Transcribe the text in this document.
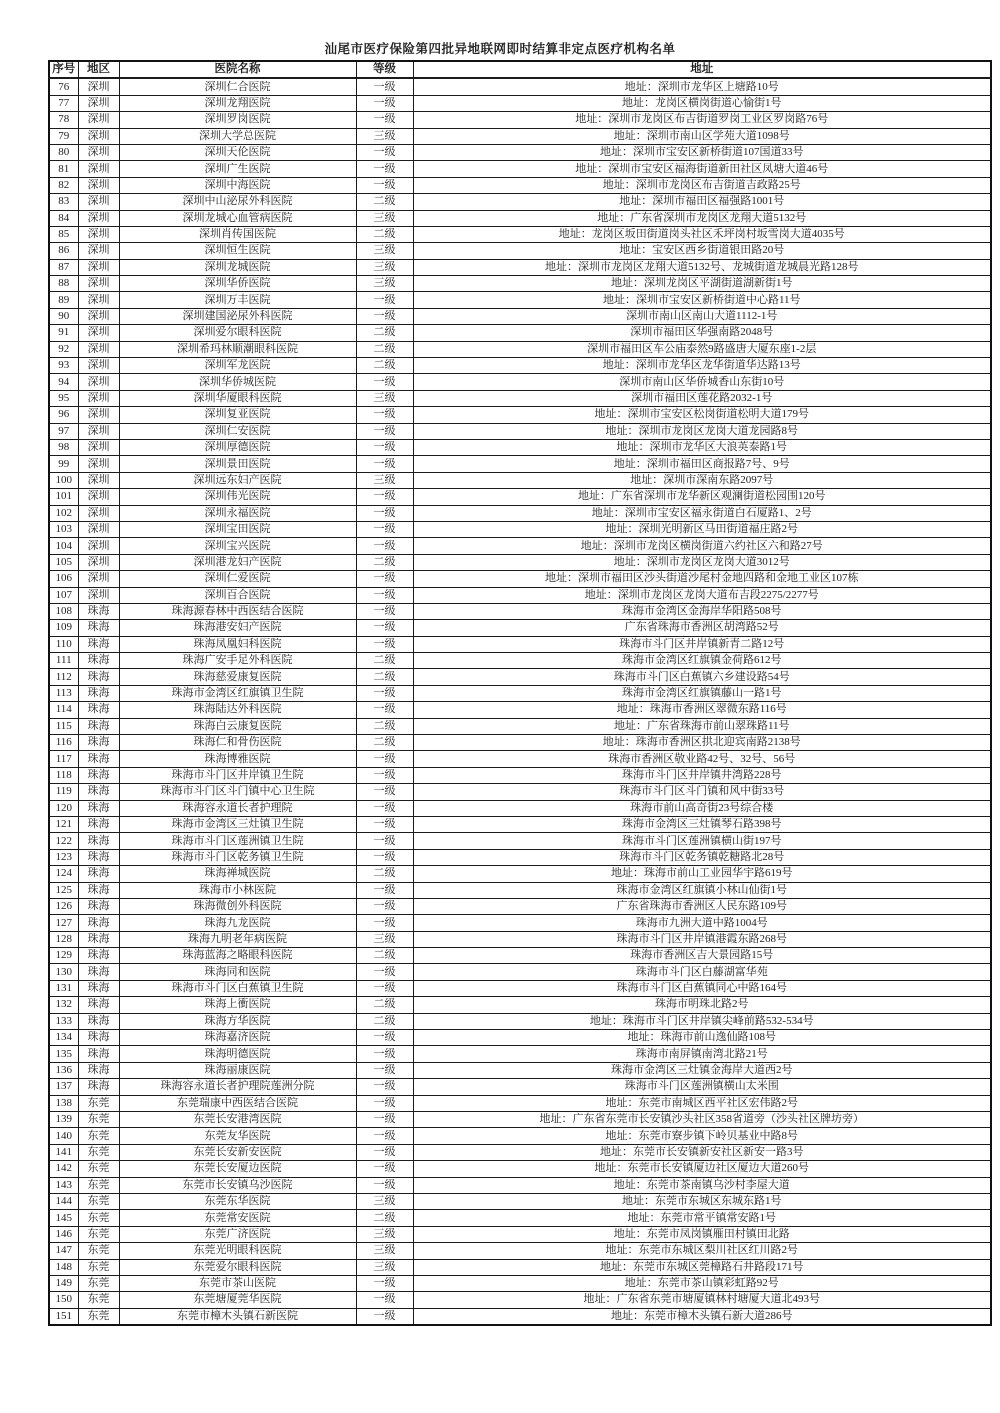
汕尾市医疗保险第四批异地联网即时结算非定点医疗机构名单
序号	地区	医院名称	等级	地址
76	深圳	深圳仁合医院	一级	地址：深圳市龙华区上塘路10号
77	深圳	深圳龙翔医院	一级	地址：龙岗区横岗街道心愉街1号
78	深圳	深圳罗岗医院	一级	地址：深圳市龙岗区布吉街道罗岗工业区罗岗路76号
79	深圳	深圳大学总医院	三级	地址：深圳市南山区学苑大道1098号
80	深圳	深圳天伦医院	一级	地址：深圳市宝安区新桥街道107国道33号
81	深圳	深圳广生医院	一级	地址：深圳市宝安区福海街道新田社区凤塘大道46号
82	深圳	深圳中海医院	一级	地址：深圳市龙岗区布吉街道吉政路25号
83	深圳	深圳中山泌尿外科医院	二级	地址：深圳市福田区福强路1001号
84	深圳	深圳龙城心血管病医院	三级	地址：广东省深圳市龙岗区龙翔大道5132号
85	深圳	深圳肖传国医院	二级	地址：龙岗区坂田街道岗头社区禾坪岗村坂雪岗大道4035号
86	深圳	深圳恒生医院	三级	地址：宝安区西乡街道银田路20号
87	深圳	深圳龙城医院	三级	地址：深圳市龙岗区龙翔大道5132号、龙城街道龙城晨光路128号
88	深圳	深圳华侨医院	三级	地址：深圳龙岗区平湖街道湖新街1号
89	深圳	深圳万丰医院	一级	地址：深圳市宝安区新桥街道中心路11号
90	深圳	深圳建国泌尿外科医院	一级	深圳市南山区南山大道1112-1号
91	深圳	深圳爱尔眼科医院	二级	深圳市福田区华强南路2048号
92	深圳	深圳希玛林顺潮眼科医院	二级	深圳市福田区车公庙泰然9路盛唐大厦东座1-2层
93	深圳	深圳军龙医院	二级	地址：深圳市龙华区龙华街道华达路13号
94	深圳	深圳华侨城医院	一级	深圳市南山区华侨城香山东街10号
95	深圳	深圳华厦眼科医院	三级	深圳市福田区莲花路2032-1号
96	深圳	深圳复亚医院	一级	地址：深圳市宝安区松岗街道松明大道179号
97	深圳	深圳仁安医院	一级	地址：深圳市龙岗区龙岗大道龙园路8号
98	深圳	深圳厚德医院	一级	地址：深圳市龙华区大浪英泰路1号
99	深圳	深圳景田医院	一级	地址：深圳市福田区商报路7号、9号
100	深圳	深圳远东妇产医院	三级	地址：深圳市深南东路2097号
101	深圳	深圳伟光医院	一级	地址：广东省深圳市龙华新区观澜街道松园围120号
102	深圳	深圳永福医院	一级	地址：深圳市宝安区福永街道白石厦路1、2号
103	深圳	深圳宝田医院	一级	地址：深圳光明新区马田街道福庄路2号
104	深圳	深圳宝兴医院	一级	地址：深圳市龙岗区横岗街道六约社区六和路27号
105	深圳	深圳港龙妇产医院	二级	地址：深圳市龙岗区龙岗大道3012号
106	深圳	深圳仁爱医院	一级	地址：深圳市福田区沙头街道沙尾村金地四路和金地工业区107栋
107	深圳	深圳百合医院	一级	地址：深圳市龙岗区龙岗大道布吉段2275/2277号
108	珠海	珠海源春林中西医结合医院	一级	珠海市金湾区金海岸华阳路508号
109	珠海	珠海港安妇产医院	一级	广东省珠海市香洲区胡湾路52号
110	珠海	珠海凤凰妇科医院	一级	珠海市斗门区井岸镇新青二路12号
111	珠海	珠海广安手足外科医院	二级	珠海市金湾区红旗镇金荷路612号
112	珠海	珠海慈爱康复医院	二级	珠海市斗门区白蕉镇六乡建设路54号
113	珠海	珠海市金湾区红旗镇卫生院	一级	珠海市金湾区红旗镇藤山一路1号
114	珠海	珠海陆达外科医院	一级	地址：珠海市香洲区翠微东路116号
115	珠海	珠海白云康复医院	二级	地址：广东省珠海市前山翠珠路11号
116	珠海	珠海仁和骨伤医院	二级	地址：珠海市香洲区拱北迎宾南路2138号
117	珠海	珠海博雅医院	一级	珠海市香洲区敬业路42号、32号、56号
118	珠海	珠海市斗门区井岸镇卫生院	一级	珠海市斗门区井岸镇井湾路228号
119	珠海	珠海市斗门区斗门镇中心卫生院	一级	珠海市斗门区斗门镇和风中街33号
120	珠海	珠海容永道长者护理院	一级	珠海市前山高奇街23号综合楼
121	珠海	珠海市金湾区三灶镇卫生院	一级	珠海市金湾区三灶镇琴石路398号
122	珠海	珠海市斗门区莲洲镇卫生院	一级	珠海市斗门区莲洲镇横山街197号
123	珠海	珠海市斗门区乾务镇卫生院	一级	珠海市斗门区乾务镇乾糖路北28号
124	珠海	珠海禅城医院	二级	地址：珠海市前山工业园华宇路619号
125	珠海	珠海市小林医院	一级	珠海市金湾区红旗镇小林山仙街1号
126	珠海	珠海微创外科医院	一级	广东省珠海市香洲区人民东路109号
127	珠海	珠海九龙医院	一级	珠海市九洲大道中路1004号
128	珠海	珠海九明老年病医院	三级	珠海市斗门区井岸镇港霞东路268号
129	珠海	珠海蓝海之略眼科医院	二级	珠海市香洲区吉大景园路15号
130	珠海	珠海同和医院	一级	珠海市斗门区白藤湖富华苑
131	珠海	珠海市斗门区白蕉镇卫生院	一级	珠海市斗门区白蕉镇同心中路164号
132	珠海	珠海上衝医院	二级	珠海市明珠北路2号
133	珠海	珠海方华医院	二级	地址：珠海市斗门区井岸镇尖峰前路532-534号
134	珠海	珠海嘉济医院	一级	地址：珠海市前山逸仙路108号
135	珠海	珠海明德医院	一级	珠海市南屏镇南湾北路21号
136	珠海	珠海丽康医院	一级	珠海市金湾区三灶镇金海岸大道西2号
137	珠海	珠海容永道长者护理院莲洲分院	一级	珠海市斗门区莲洲镇横山太米围
138	东莞	东莞瑞康中西医结合医院	一级	地址：东莞市南城区西平社区宏伟路2号
139	东莞	东莞长安港湾医院	一级	地址：广东省东莞市长安镇沙头社区358省道旁（沙头社区牌坊旁）
140	东莞	东莞友华医院	一级	地址：东莞市寮步镇下岭贝基业中路8号
141	东莞	东莞长安新安医院	一级	地址：东莞市长安镇新安社区新安一路3号
142	东莞	东莞长安厦边医院	一级	地址：东莞市长安镇厦边社区厦边大道260号
143	东莞	东莞市长安镇乌沙医院	一级	地址：东莞市茶南镇乌沙村李屋大道
144	东莞	东莞东华医院	三级	地址：东莞市东城区东城东路1号
145	东莞	东莞常安医院	二级	地址：东莞市常平镇常安路1号
146	东莞	东莞广济医院	三级	地址：东莞市凤岗镇雁田村镇田北路
147	东莞	东莞光明眼科医院	三级	地址：东莞市东城区梨川社区红川路2号
148	东莞	东莞爱尔眼科医院	三级	地址：东莞市东城区莞樟路石井路段171号
149	东莞	东莞市茶山医院	一级	地址：东莞市茶山镇彩虹路92号
150	东莞	东莞塘厦莞华医院	一级	地址：广东省东莞市塘厦镇林村塘厦大道北493号
151	东莞	东莞市樟木头镇石新医院	一级	地址：东莞市樟木头镇石新大道286号
